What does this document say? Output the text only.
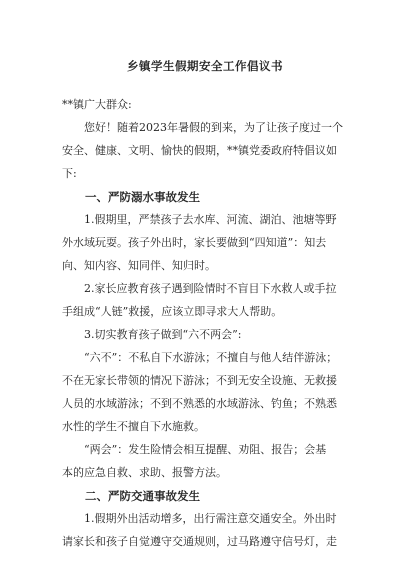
乡镇学生假期安全工作倡议书

**镇广大群众:

　　您好！随着2023年暑假的到来，为了让孩子度过一个

安全、健康、文明、愉快的假期，**镇党委政府特倡议如

下:

　　一、严防溺水事故发生

　　1.假期里，严禁孩子去水库、河流、湖泊、池塘等野

外水域玩耍。孩子外出时，家长要做到“四知道”：知去

向、知内容、知同伴、知归时。

　　2.家长应教育孩子遇到险情时不盲目下水救人或手拉

手组成“人链”救援，应该立即寻求大人帮助。

　　3.切实教育孩子做到“六不两会”:

　　“六不”：不私自下水游泳；不擅自与他人结伴游泳；

不在无家长带领的情况下游泳；不到无安全设施、无救援

人员的水域游泳；不到不熟悉的水域游泳、钓鱼；不熟悉

水性的学生不擅自下水施救。

　　“两会”：发生险情会相互提醒、劝阻、报告；会基

本的应急自救、求助、报警方法。

　　二、严防交通事故发生

　　1.假期外出活动增多，出行需注意交通安全。外出时

请家长和孩子自觉遵守交通规则，过马路遵守信号灯，走
